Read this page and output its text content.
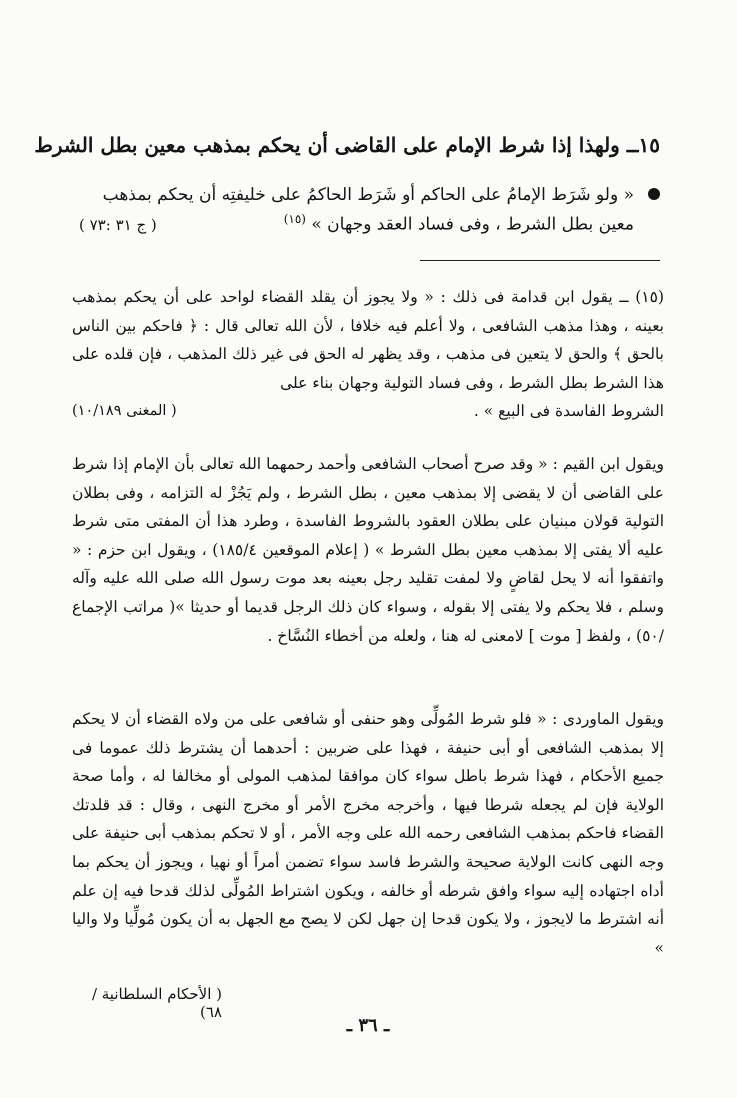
١٥ــ ولهذا إذا شرط الإمام على القاضى أن يحكم بمذهب معين بطل الشرط
« ولو شَرَط الإمامُ على الحاكم أو شَرَط الحاكمُ على خليفتِه أن يحكم بمذهب
معين بطل الشرط ، وفى فساد العقد وجهان » $^{(١٥)}$
( ج ٣١ :٧٣ )
(١٥) ــ يقول ابن قدامة فى ذلك : « ولا يجوز أن يقلد القضاء لواحد على أن يحكم بمذهب بعينه ، وهذا مذهب الشافعى ، ولا أعلم فيه خلافا ، لأن الله تعالى قال : ﴿ فاحكم بين الناس بالحق ﴾ والحق لا يتعين فى مذهب ، وقد يظهر له الحق فى غير ذلك المذهب ، فإن قلده على هذا الشرط بطل الشرط ، وفى فساد التولية وجهان بناء على
الشروط الفاسدة فى البيع » .
( المغنى ١٠/١٨٩)
ويقول ابن القيم : « وقد صرح أصحاب الشافعى وأحمد رحمهما الله تعالى بأن الإمام إذا شرط على القاضى أن لا يقضى إلا بمذهب معين ، بطل الشرط ، ولم يَجُزْ له التزامه ، وفى بطلان التولية قولان مبنيان على بطلان العقود بالشروط الفاسدة ، وطرد هذا أن المفتى متى شرط عليه ألا يفتى إلا بمذهب معين بطل الشرط » ( إعلام الموقعين ١٨٥/٤) ، ويقول ابن حزم : « واتفقوا أنه لا يحل لقاضٍ ولا لمفت تقليد رجل بعينه بعد موت رسول الله صلى الله عليه وآله وسلم ، فلا يحكم ولا يفتى إلا بقوله ، وسواء كان ذلك الرجل قديما أو حديثا »( مراتب الإجماع /٥٠) ، ولفظ [ موت ] لامعنى له هنا ، ولعله من أخطاء النُسَّاخ .
ويقول الماوردى : « فلو شرط المُولِّى وهو حنفى أو شافعى على من ولاه القضاء أن لا يحكم إلا بمذهب الشافعى أو أبى حنيفة ، فهذا على ضربين : أحدهما أن يشترط ذلك عموما فى جميع الأحكام ، فهذا شرط باطل سواء كان موافقا لمذهب المولى أو مخالفا له ، وأما صحة الولاية فإن لم يجعله شرطا فيها ، وأخرجه مخرج الأمر أو مخرج النهى ، وقال : قد قلدتك القضاء فاحكم بمذهب الشافعى رحمه الله على وجه الأمر ، أو لا تحكم بمذهب أبى حنيفة على وجه النهى كانت الولاية صحيحة والشرط فاسد سواء تضمن أمراً أو نهيا ، ويجوز أن يحكم بما أداه اجتهاده إليه سواء وافق شرطه أو خالفه ، ويكون اشتراط المُولِّى لذلك قدحا فيه إن علم أنه اشترط ما لايجوز ، ولا يكون قدحا إن جهل لكن لا يصح مع الجهل به أن يكون مُولِّيا ولا واليا »
( الأحكام السلطانية /٦٨)
ـ ٣٦ ـ
